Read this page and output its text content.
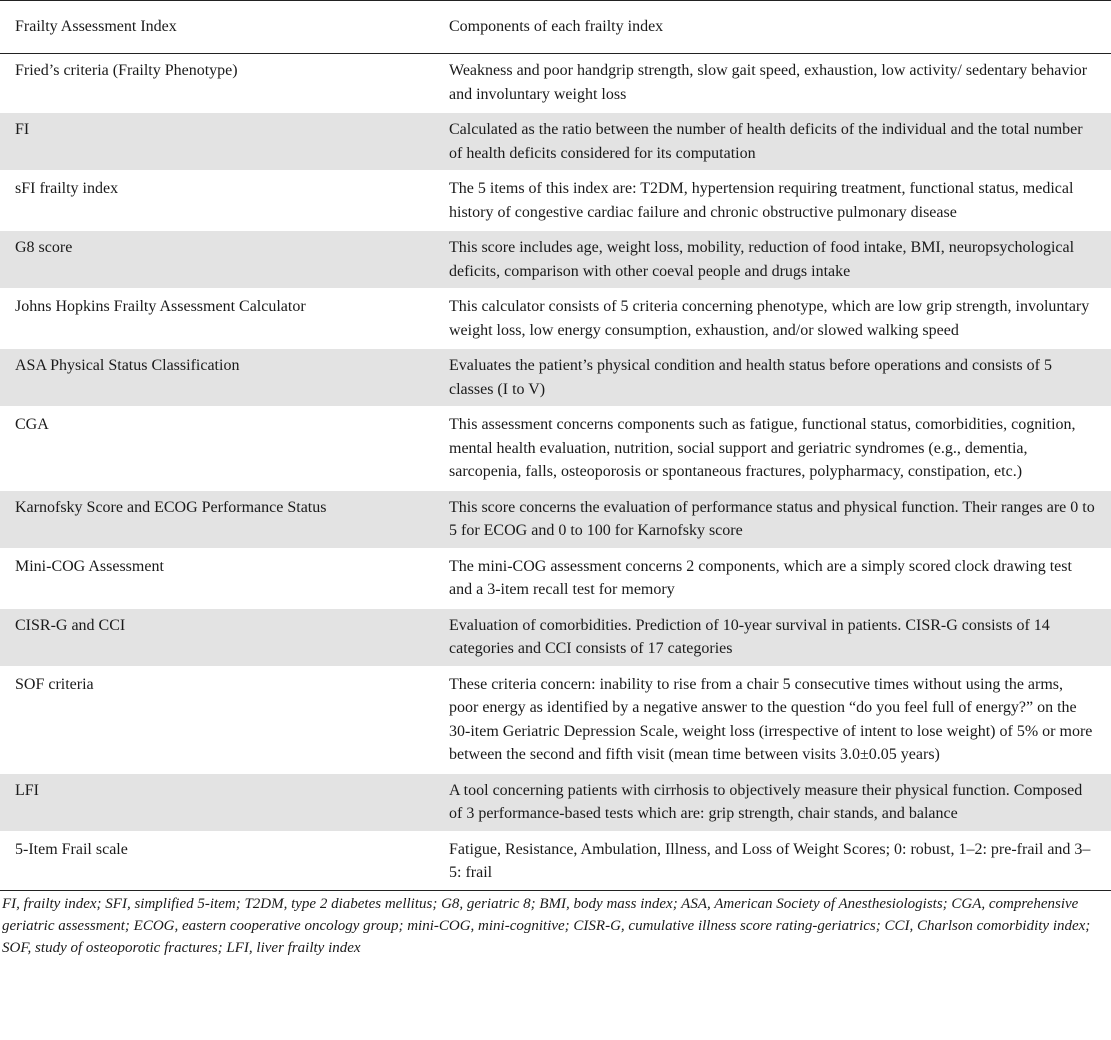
Frailty Assessment Index	Components of each frailty index
Fried’s criteria (Frailty Phenotype)	Weakness and poor handgrip strength, slow gait speed, exhaustion, low activity/ sedentary behavior and involuntary weight loss
FI	Calculated as the ratio between the number of health deficits of the individual and the total number of health deficits considered for its computation
sFI frailty index	The 5 items of this index are: T2DM, hypertension requiring treatment, functional status, medical history of congestive cardiac failure and chronic obstructive pulmonary disease
G8 score	This score includes age, weight loss, mobility, reduction of food intake, BMI, neuropsychological deficits, comparison with other coeval people and drugs intake
Johns Hopkins Frailty Assessment Calculator	This calculator consists of 5 criteria concerning phenotype, which are low grip strength, involuntary weight loss, low energy consumption, exhaustion, and/or slowed walking speed
ASA Physical Status Classification	Evaluates the patient’s physical condition and health status before operations and consists of 5 classes (I to V)
CGA	This assessment concerns components such as fatigue, functional status, comorbidities, cognition, mental health evaluation, nutrition, social support and geriatric syndromes (e.g., dementia, sarcopenia, falls, osteoporosis or spontaneous fractures, polypharmacy, constipation, etc.)
Karnofsky Score and ECOG Performance Status	This score concerns the evaluation of performance status and physical function. Their ranges are 0 to 5 for ECOG and 0 to 100 for Karnofsky score
Mini-COG Assessment	The mini-COG assessment concerns 2 components, which are a simply scored clock drawing test and a 3-item recall test for memory
CISR-G and CCI	Evaluation of comorbidities. Prediction of 10-year survival in patients. CISR-G consists of 14 categories and CCI consists of 17 categories
SOF criteria	These criteria concern: inability to rise from a chair 5 consecutive times without using the arms, poor energy as identified by a negative answer to the question “do you feel full of energy?” on the 30-item Geriatric Depression Scale, weight loss (irrespective of intent to lose weight) of 5% or more between the second and fifth visit (mean time between visits 3.0±0.05 years)
LFI	A tool concerning patients with cirrhosis to objectively measure their physical function. Composed of 3 performance-based tests which are: grip strength, chair stands, and balance
5-Item Frail scale	Fatigue, Resistance, Ambulation, Illness, and Loss of Weight Scores; 0: robust, 1–2: pre-frail and 3–5: frail
FI, frailty index; SFI, simplified 5-item; T2DM, type 2 diabetes mellitus; G8, geriatric 8; BMI, body mass index; ASA, American Society of Anesthesiologists; CGA, comprehensive geriatric assessment; ECOG, eastern cooperative oncology group; mini-COG, mini-cognitive; CISR-G, cumulative illness score rating-geriatrics; CCI, Charlson comorbidity index; SOF, study of osteoporotic fractures; LFI, liver frailty index
